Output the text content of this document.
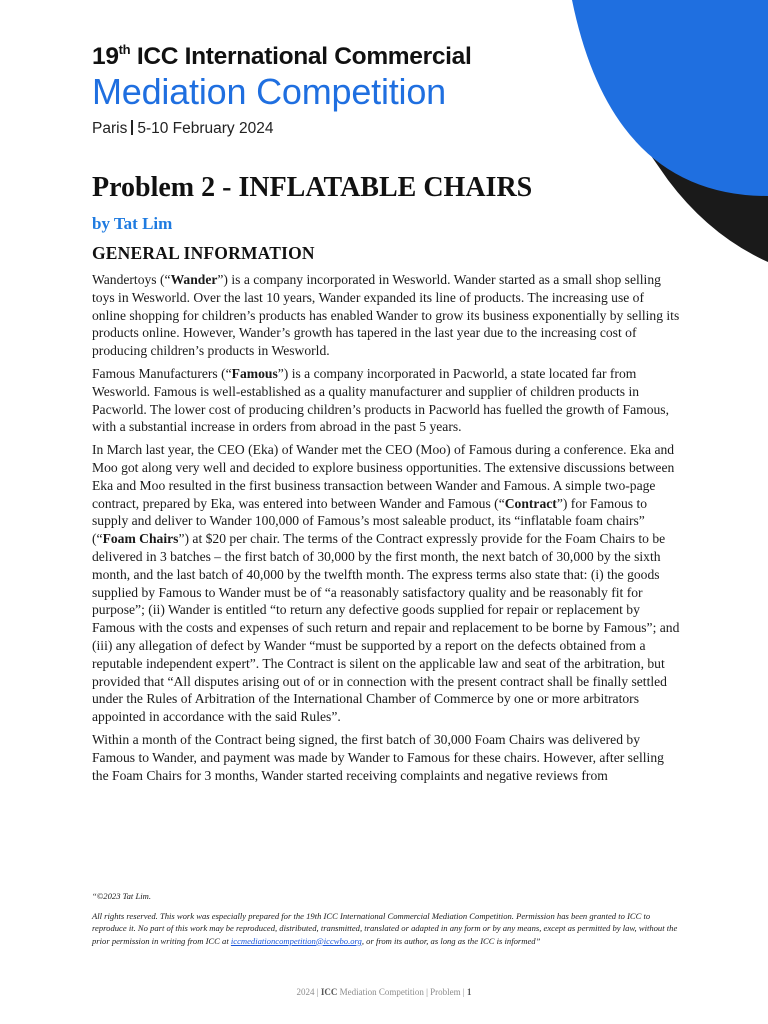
19th ICC International Commercial
Mediation Competition
Paris 5-10 February 2024
Problem 2 - INFLATABLE CHAIRS
by Tat Lim
GENERAL INFORMATION

Wandertoys (“Wander”) is a company incorporated in Wesworld. Wander started as a small shop selling toys in Wesworld. Over the last 10 years, Wander expanded its line of products. The increasing use of online shopping for children’s products has enabled Wander to grow its business exponentially by selling its products online. However, Wander’s growth has tapered in the last year due to the increasing cost of producing children’s products in Wesworld.

Famous Manufacturers (“Famous”) is a company incorporated in Pacworld, a state located far from Wesworld. Famous is well-established as a quality manufacturer and supplier of children products in Pacworld. The lower cost of producing children’s products in Pacworld has fuelled the growth of Famous, with a substantial increase in orders from abroad in the past 5 years.

In March last year, the CEO (Eka) of Wander met the CEO (Moo) of Famous during a conference. Eka and Moo got along very well and decided to explore business opportunities. The extensive discussions between Eka and Moo resulted in the first business transaction between Wander and Famous. A simple two-page contract, prepared by Eka, was entered into between Wander and Famous (“Contract”) for Famous to supply and deliver to Wander 100,000 of Famous’s most saleable product, its “inflatable foam chairs” (“Foam Chairs”) at $20 per chair. The terms of the Contract expressly provide for the Foam Chairs to be delivered in 3 batches – the first batch of 30,000 by the first month, the next batch of 30,000 by the sixth month, and the last batch of 40,000 by the twelfth month. The express terms also state that: (i) the goods supplied by Famous to Wander must be of “a reasonably satisfactory quality and be reasonably fit for purpose”; (ii) Wander is entitled “to return any defective goods supplied for repair or replacement by Famous with the costs and expenses of such return and repair and replacement to be borne by Famous”; and (iii) any allegation of defect by Wander “must be supported by a report on the defects obtained from a reputable independent expert”. The Contract is silent on the applicable law and seat of the arbitration, but provided that “All disputes arising out of or in connection with the present contract shall be finally settled under the Rules of Arbitration of the International Chamber of Commerce by one or more arbitrators appointed in accordance with the said Rules”.

Within a month of the Contract being signed, the first batch of 30,000 Foam Chairs was delivered by Famous to Wander, and payment was made by Wander to Famous for these chairs. However, after selling the Foam Chairs for 3 months, Wander started receiving complaints and negative reviews from

“©2023 Tat Lim.

All rights reserved. This work was especially prepared for the 19th ICC International Commercial Mediation Competition. Permission has been granted to ICC to reproduce it. No part of this work may be reproduced, distributed, transmitted, translated or adapted in any form or by any means, except as permitted by law, without the prior permission in writing from ICC at iccmediationcompetition@iccwbo.org, or from its author, as long as the ICC is informed”

2024 | ICC Mediation Competition | Problem | 1
